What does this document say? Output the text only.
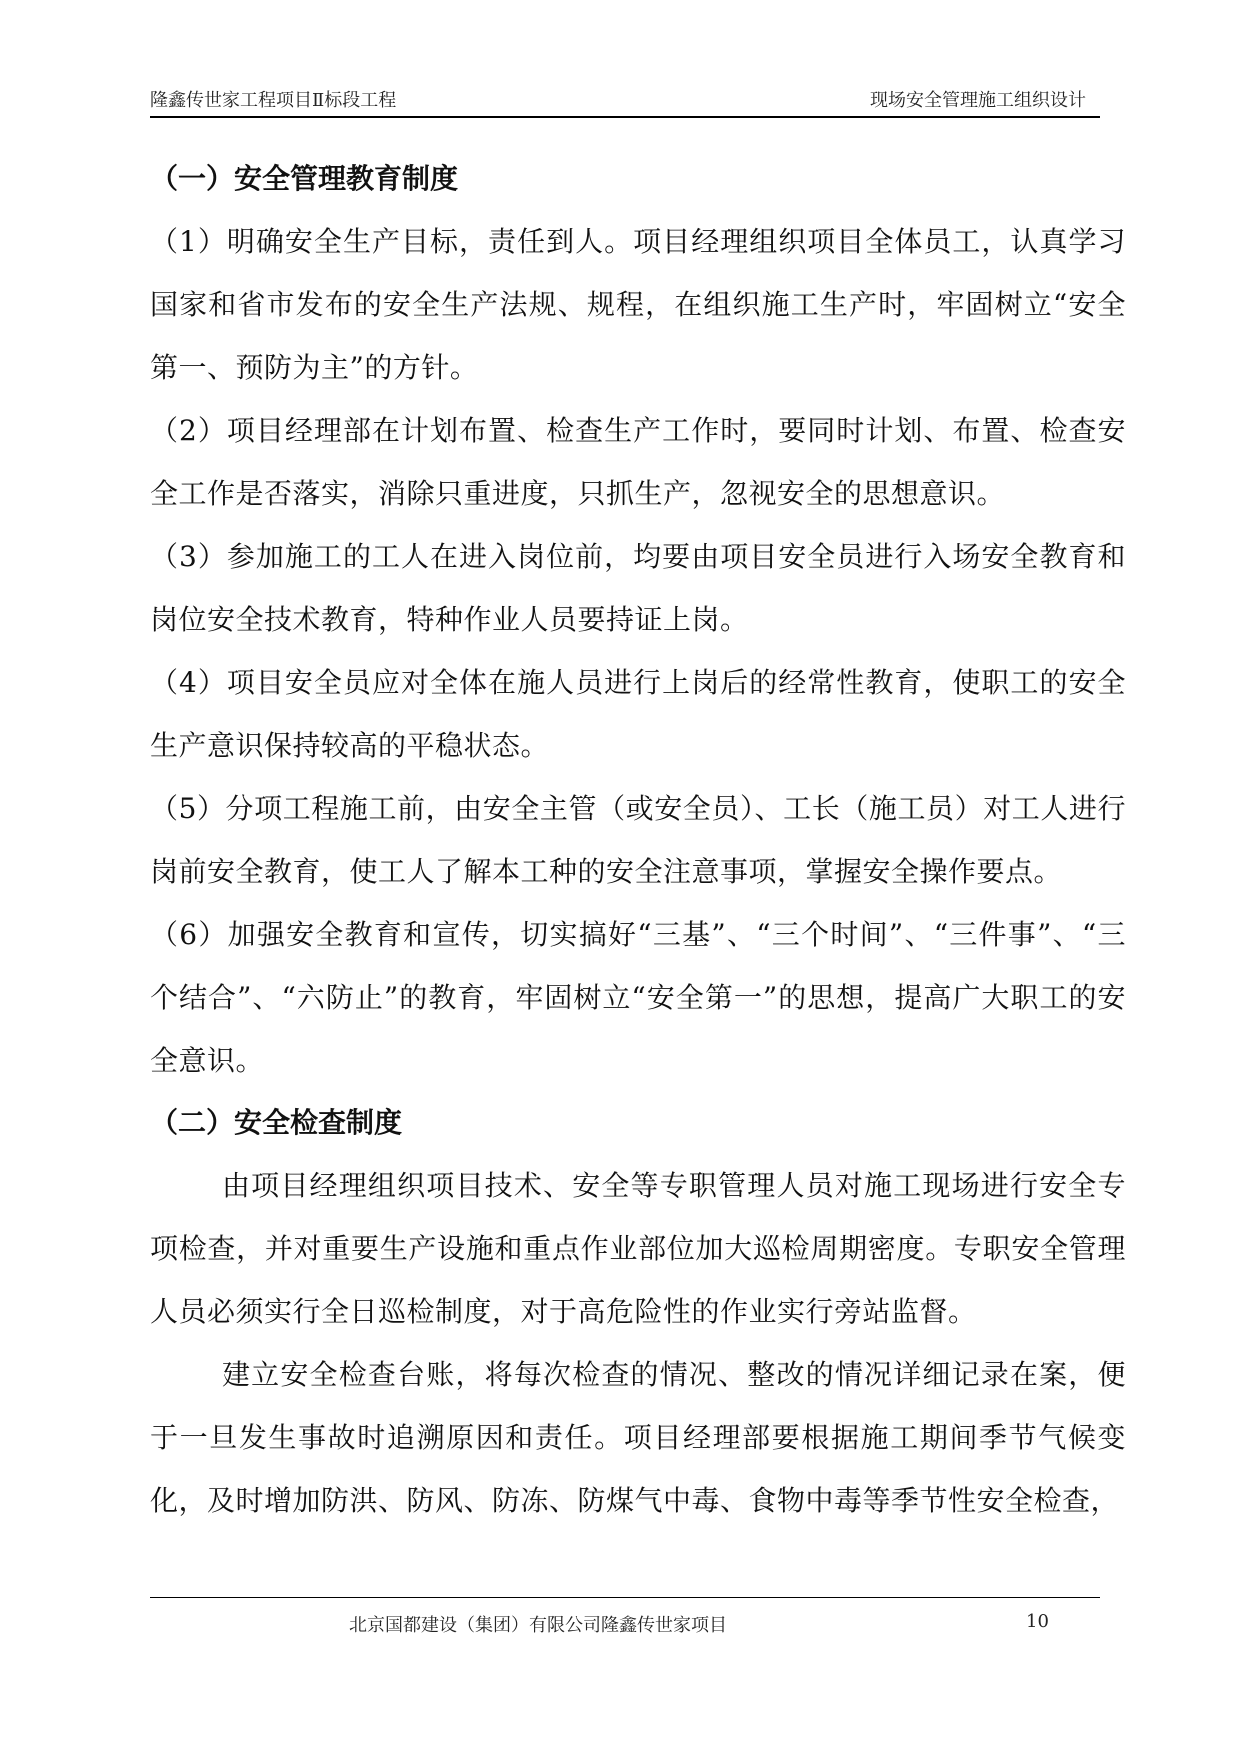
隆鑫传世家工程项目Ⅱ标段工程	现场安全管理施工组织设计
（一）安全管理教育制度

（1）明确安全生产目标，责任到人。项目经理组织项目全体员工，认真学习国家和省市发布的安全生产法规、规程，在组织施工生产时，牢固树立“安全第一、预防为主”的方针。

（2）项目经理部在计划布置、检查生产工作时，要同时计划、布置、检查安全工作是否落实，消除只重进度，只抓生产，忽视安全的思想意识。

（3）参加施工的工人在进入岗位前，均要由项目安全员进行入场安全教育和岗位安全技术教育，特种作业人员要持证上岗。

（4）项目安全员应对全体在施人员进行上岗后的经常性教育，使职工的安全生产意识保持较高的平稳状态。

（5）分项工程施工前，由安全主管（或安全员）、工长（施工员）对工人进行岗前安全教育，使工人了解本工种的安全注意事项，掌握安全操作要点。

（6）加强安全教育和宣传，切实搞好“三基”、“三个时间”、“三件事”、“三个结合”、“六防止”的教育，牢固树立“安全第一”的思想，提高广大职工的安全意识。

（二）安全检查制度

由项目经理组织项目技术、安全等专职管理人员对施工现场进行安全专项检查，并对重要生产设施和重点作业部位加大巡检周期密度。专职安全管理人员必须实行全日巡检制度，对于高危险性的作业实行旁站监督。

建立安全检查台账，将每次检查的情况、整改的情况详细记录在案，便于一旦发生事故时追溯原因和责任。项目经理部要根据施工期间季节气候变化，及时增加防洪、防风、防冻、防煤气中毒、食物中毒等季节性安全检查，

北京国都建设（集团）有限公司隆鑫传世家项目	10
